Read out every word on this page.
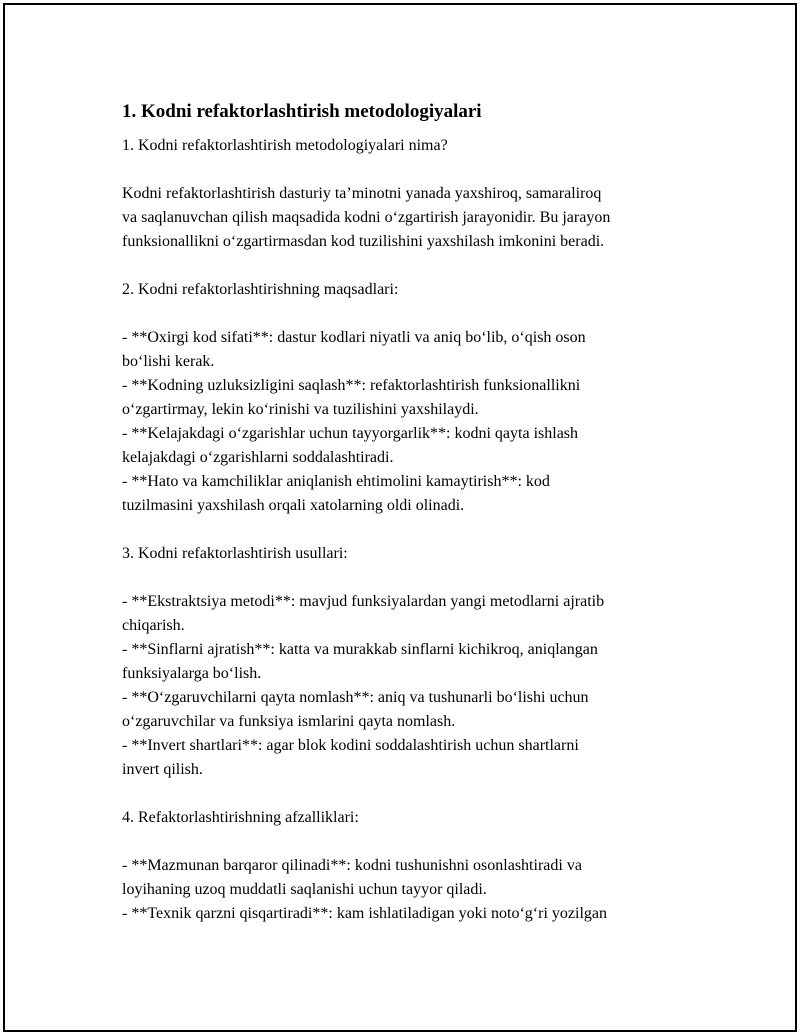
1. Kodni refaktorlashtirish metodologiyalari

1. Kodni refaktorlashtirish metodologiyalari nima?

Kodni refaktorlashtirish dasturiy ta’minotni yanada yaxshiroq, samaraliroq
va saqlanuvchan qilish maqsadida kodni o‘zgartirish jarayonidir. Bu jarayon
funksionallikni o‘zgartirmasdan kod tuzilishini yaxshilash imkonini beradi.

2. Kodni refaktorlashtirishning maqsadlari:

- **Oxirgi kod sifati**: dastur kodlari niyatli va aniq bo‘lib, o‘qish oson
bo‘lishi kerak.
- **Kodning uzluksizligini saqlash**: refaktorlashtirish funksionallikni
o‘zgartirmay, lekin ko‘rinishi va tuzilishini yaxshilaydi.
- **Kelajakdagi o‘zgarishlar uchun tayyorgarlik**: kodni qayta ishlash
kelajakdagi o‘zgarishlarni soddalashtiradi.
- **Hato va kamchiliklar aniqlanish ehtimolini kamaytirish**: kod
tuzilmasini yaxshilash orqali xatolarning oldi olinadi.

3. Kodni refaktorlashtirish usullari:

- **Ekstraktsiya metodi**: mavjud funksiyalardan yangi metodlarni ajratib
chiqarish.
- **Sinflarni ajratish**: katta va murakkab sinflarni kichikroq, aniqlangan
funksiyalarga bo‘lish.
- **O‘zgaruvchilarni qayta nomlash**: aniq va tushunarli bo‘lishi uchun
o‘zgaruvchilar va funksiya ismlarini qayta nomlash.
- **Invert shartlari**: agar blok kodini soddalashtirish uchun shartlarni
invert qilish.

4. Refaktorlashtirishning afzalliklari:

- **Mazmunan barqaror qilinadi**: kodni tushunishni osonlashtiradi va
loyihaning uzoq muddatli saqlanishi uchun tayyor qiladi.
- **Texnik qarzni qisqartiradi**: kam ishlatiladigan yoki noto‘g‘ri yozilgan
